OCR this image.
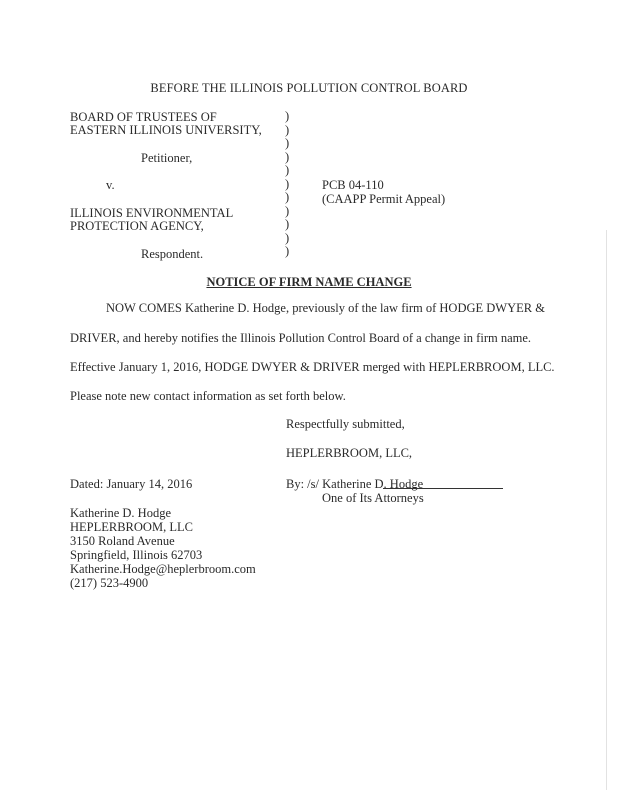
BEFORE THE ILLINOIS POLLUTION CONTROL BOARD
BOARD OF TRUSTEES OF
EASTERN ILLINOIS UNIVERSITY,
Petitioner,
v.
ILLINOIS ENVIRONMENTAL
PROTECTION AGENCY,
Respondent.
)
)
)
)
)
)
)
)
)
)
)
PCB 04-110
(CAAPP Permit Appeal)
NOTICE OF FIRM NAME CHANGE
NOW COMES Katherine D. Hodge, previously of the law firm of HODGE DWYER &
DRIVER, and hereby notifies the Illinois Pollution Control Board of a change in firm name.
Effective January 1, 2016, HODGE DWYER & DRIVER merged with HEPLERBROOM, LLC.
Please note new contact information as set forth below.
Respectfully submitted,
HEPLERBROOM, LLC,
Dated: January 14, 2016	By: /s/ Katherine D. Hodge
One of Its Attorneys
Katherine D. Hodge
HEPLERBROOM, LLC
3150 Roland Avenue
Springfield, Illinois 62703
Katherine.Hodge@heplerbroom.com
(217) 523-4900
